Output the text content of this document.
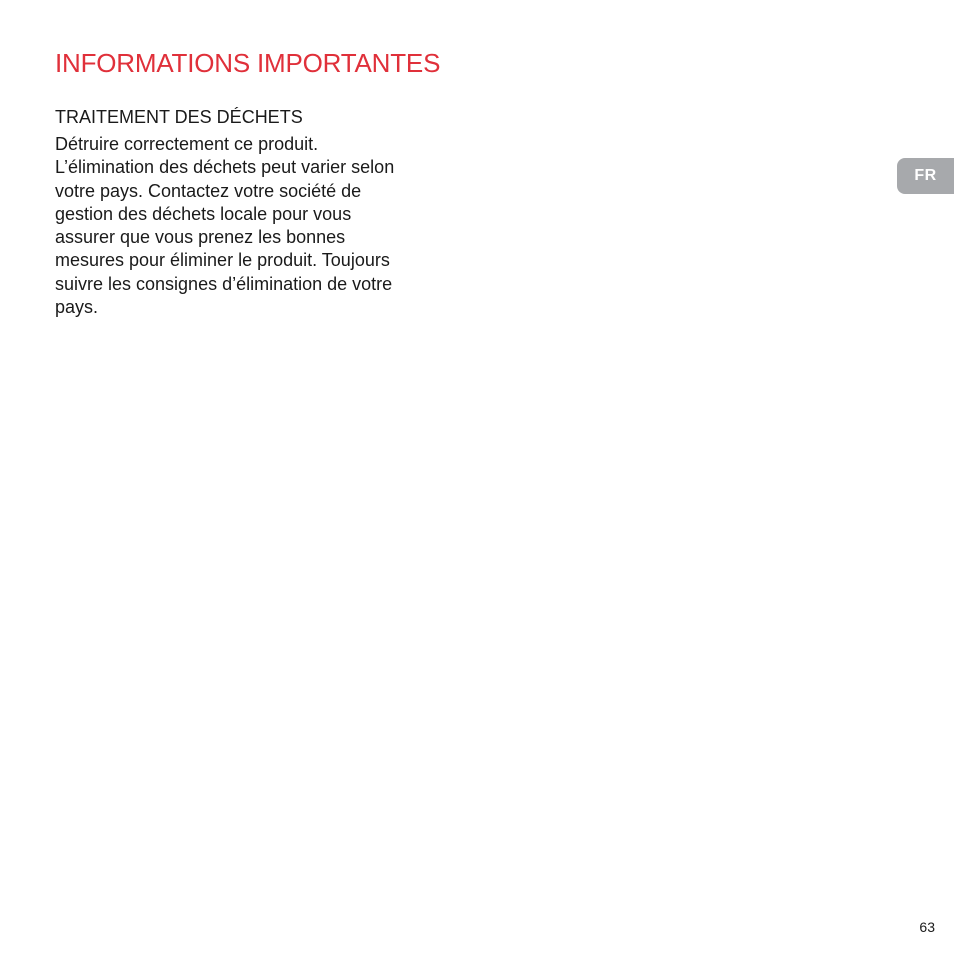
INFORMATIONS IMPORTANTES
TRAITEMENT DES DÉCHETS

Détruire correctement ce produit.
L’élimination des déchets peut varier selon
votre pays. Contactez votre société de
gestion des déchets locale pour vous
assurer que vous prenez les bonnes
mesures pour éliminer le produit. Toujours
suivre les consignes d’élimination de votre
pays.

FR
63
